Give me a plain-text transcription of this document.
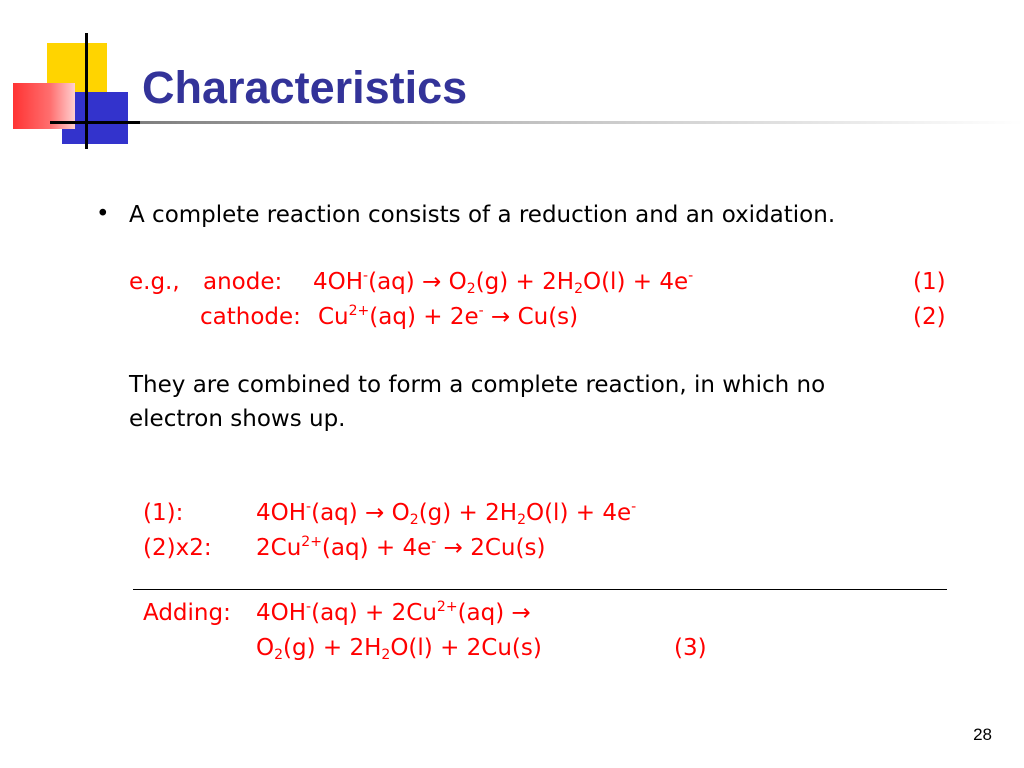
Characteristics
• A complete reaction consists of a reduction and an oxidation.
e.g., anode: $4OH^-(aq) \to O_2(g) + 2H_2O(l) + 4e^-$	(1)
cathode: $Cu^{2+}(aq) + 2e^- \to Cu(s)$	(2)
They are combined to form a complete reaction, in which no
electron shows up.
(1):	$4OH^-(aq) \to O_2(g) + 2H_2O(l) + 4e^-$
(2)x2: $2Cu^{2+}(aq) + 4e^- \to 2Cu(s)$
Adding: $4OH^-(aq) + 2Cu^{2+}(aq)$ →
$O_2(g) + 2H_2O(l) + 2Cu(s)$	(3)
28
